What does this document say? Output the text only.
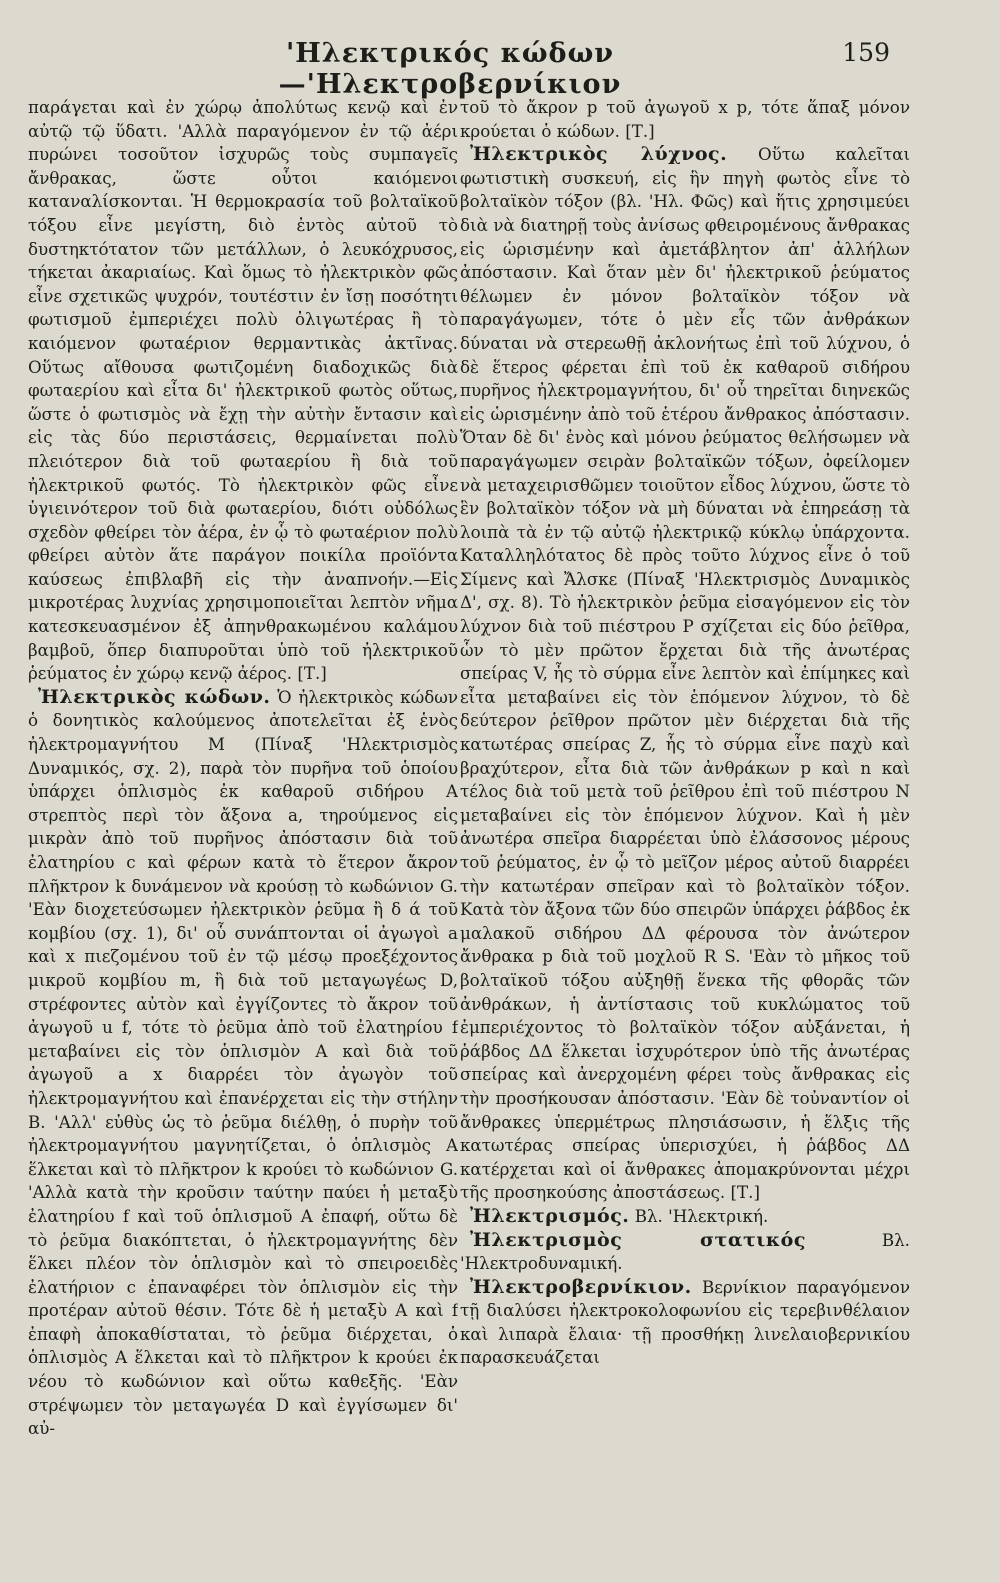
'Ηλεκτρικός κώδων—'Ηλεκτροβερνίκιον
159

παράγεται καὶ ἐν χώρῳ ἀπολύτως κενῷ καὶ ἐν αὐτῷ τῷ ὕδατι. 'Αλλὰ παραγόμενον ἐν τῷ ἀέρι πυρώνει τοσοῦτον ἰσχυρῶς τοὺς συμπαγεῖς ἄνθρακας, ὥστε οὗτοι καιόμενοι καταναλίσκονται. Ἡ θερμοκρασία τοῦ βολταϊκοῦ τόξου εἶνε μεγίστη, διὸ ἐντὸς αὐτοῦ τὸ δυστηκτότατον τῶν μετάλλων, ὁ λευκόχρυσος, τήκεται ἀκαριαίως. Καὶ ὅμως τὸ ἠλεκτρικὸν φῶς εἶνε σχετικῶς ψυχρόν, τουτέστιν ἐν ἴσῃ ποσότητι φωτισμοῦ ἐμπεριέχει πολὺ ὀλιγωτέρας ἢ τὸ καιόμενον φωταέριον θερμαντικὰς ἀκτῖνας. Οὕτως αἴθουσα φωτιζομένη διαδοχικῶς διὰ φωταερίου καὶ εἶτα δι' ἠλεκτρικοῦ φωτὸς οὕτως, ὥστε ὁ φωτισμὸς νὰ ἔχῃ τὴν αὐτὴν ἔντασιν καὶ εἰς τὰς δύο περιστάσεις, θερμαίνεται πολὺ πλειότερον διὰ τοῦ φωταερίου ἢ διὰ τοῦ ἠλεκτρικοῦ φωτός. Τὸ ἠλεκτρικὸν φῶς εἶνε ὑγιεινότερον τοῦ διὰ φωταερίου, διότι οὐδόλως σχεδὸν φθείρει τὸν ἀέρα, ἐν ᾧ τὸ φωταέριον πολὺ φθείρει αὐτὸν ἅτε παράγον ποικίλα προϊόντα καύσεως ἐπιβλαβῆ εἰς τὴν ἀναπνοήν.—Εἰς μικροτέρας λυχνίας χρησιμοποιεῖται λεπτὸν νῆμα κατεσκευασμένον ἐξ ἀπηνθρακωμένου καλάμου βαμβοῦ, ὅπερ διαπυροῦται ὑπὸ τοῦ ἠλεκτρικοῦ ῥεύματος ἐν χώρῳ κενῷ ἀέρος. [Τ.]

Ἠλεκτρικὸς κώδων. Ὁ ἠλεκτρικὸς κώδων ὁ δονητικὸς καλούμενος ἀποτελεῖται ἐξ ἑνὸς ἠλεκτρομαγνήτου M (Πίναξ 'Ηλεκτρισμὸς Δυναμικός, σχ. 2), παρὰ τὸν πυρῆνα τοῦ ὁποίου ὑπάρχει ὁπλισμὸς ἐκ καθαροῦ σιδήρου A στρεπτὸς περὶ τὸν ἄξονα a, τηρούμενος εἰς μικρὰν ἀπὸ τοῦ πυρῆνος ἀπόστασιν διὰ τοῦ ἐλατηρίου c καὶ φέρων κατὰ τὸ ἕτερον ἄκρον πλῆκτρον k δυνάμενον νὰ κρούσῃ τὸ κωδώνιον G. 'Εὰν διοχετεύσωμεν ἠλεκτρικὸν ῥεῦμα ἢ δ ά τοῦ κομβίου (σχ. 1), δι' οὗ συνάπτονται οἱ ἀγωγοὶ a καὶ x πιεζομένου τοῦ ἐν τῷ μέσῳ προεξέχοντος μικροῦ κομβίου m, ἢ διὰ τοῦ μεταγωγέως D, στρέφοντες αὐτὸν καὶ ἐγγίζοντες τὸ ἄκρον τοῦ ἀγωγοῦ u f, τότε τὸ ῥεῦμα ἀπὸ τοῦ ἐλατηρίου f μεταβαίνει εἰς τὸν ὁπλισμὸν A καὶ διὰ τοῦ ἀγωγοῦ a x διαρρέει τὸν ἀγωγὸν τοῦ ἠλεκτρομαγνήτου καὶ ἐπανέρχεται εἰς τὴν στήλην B. 'Αλλ' εὐθὺς ὡς τὸ ῥεῦμα διέλθῃ, ὁ πυρὴν τοῦ ἠλεκτρομαγνήτου μαγνητίζεται, ὁ ὁπλισμὸς A ἕλκεται καὶ τὸ πλῆκτρον k κρούει τὸ κωδώνιον G. 'Αλλὰ κατὰ τὴν κροῦσιν ταύτην παύει ἡ μεταξὺ ἐλατηρίου f καὶ τοῦ ὁπλισμοῦ A ἐπαφή, οὕτω δὲ τὸ ῥεῦμα διακόπτεται, ὁ ἠλεκτρομαγνήτης δὲν ἕλκει πλέον τὸν ὁπλισμὸν καὶ τὸ σπειροειδὲς ἐλατήριον c ἐπαναφέρει τὸν ὁπλισμὸν εἰς τὴν προτέραν αὐτοῦ θέσιν. Τότε δὲ ἡ μεταξὺ A καὶ f ἐπαφὴ ἀποκαθίσταται, τὸ ῥεῦμα διέρχεται, ὁ ὁπλισμὸς A ἕλκεται καὶ τὸ πλῆκτρον k κρούει ἐκ νέου τὸ κωδώνιον καὶ οὕτω καθεξῆς. 'Εὰν στρέψωμεν τὸν μεταγωγέα D καὶ ἐγγίσωμεν δι' αὐ-

τοῦ τὸ ἄκρον p τοῦ ἀγωγοῦ x p, τότε ἅπαξ μόνον κρούεται ὁ κώδων. [Τ.]

Ἠλεκτρικὸς λύχνος. Οὕτω καλεῖται φωτιστικὴ συσκευή, εἰς ἣν πηγὴ φωτὸς εἶνε τὸ βολταϊκὸν τόξον (βλ. 'Ηλ. Φῶς) καὶ ἥτις χρησιμεύει διὰ νὰ διατηρῇ τοὺς ἀνίσως φθειρομένους ἄνθρακας εἰς ὡρισμένην καὶ ἀμετάβλητον ἀπ' ἀλλήλων ἀπόστασιν. Καὶ ὅταν μὲν δι' ἠλεκτρικοῦ ῥεύματος θέλωμεν ἐν μόνον βολταϊκὸν τόξον νὰ παραγάγωμεν, τότε ὁ μὲν εἷς τῶν ἀνθράκων δύναται νὰ στερεωθῇ ἀκλονήτως ἐπὶ τοῦ λύχνου, ὁ δὲ ἕτερος φέρεται ἐπὶ τοῦ ἐκ καθαροῦ σιδήρου πυρῆνος ἠλεκτρομαγνήτου, δι' οὗ τηρεῖται διηνεκῶς εἰς ὡρισμένην ἀπὸ τοῦ ἑτέρου ἄνθρακος ἀπόστασιν. Ὅταν δὲ δι' ἑνὸς καὶ μόνου ῥεύματος θελήσωμεν νὰ παραγάγωμεν σειρὰν βολταϊκῶν τόξων, ὀφείλομεν νὰ μεταχειρισθῶμεν τοιοῦτον εἶδος λύχνου, ὥστε τὸ ἓν βολταϊκὸν τόξον νὰ μὴ δύναται νὰ ἐπηρεάσῃ τὰ λοιπὰ τὰ ἐν τῷ αὐτῷ ἠλεκτρικῷ κύκλῳ ὑπάρχοντα. Καταλληλότατος δὲ πρὸς τοῦτο λύχνος εἶνε ὁ τοῦ Σίμενς καὶ Ἄλσκε (Πίναξ 'Ηλεκτρισμὸς Δυναμικὸς Δ', σχ. 8). Τὸ ἠλεκτρικὸν ῥεῦμα εἰσαγόμενον εἰς τὸν λύχνον διὰ τοῦ πιέστρου P σχίζεται εἰς δύο ῥεῖθρα, ὧν τὸ μὲν πρῶτον ἔρχεται διὰ τῆς ἀνωτέρας σπείρας V, ἧς τὸ σύρμα εἶνε λεπτὸν καὶ ἐπίμηκες καὶ εἶτα μεταβαίνει εἰς τὸν ἑπόμενον λύχνον, τὸ δὲ δεύτερον ῥεῖθρον πρῶτον μὲν διέρχεται διὰ τῆς κατωτέρας σπείρας Z, ἧς τὸ σύρμα εἶνε παχὺ καὶ βραχύτερον, εἶτα διὰ τῶν ἀνθράκων p καὶ n καὶ τέλος διὰ τοῦ μετὰ τοῦ ῥεῖθρου ἐπὶ τοῦ πιέστρου N μεταβαίνει εἰς τὸν ἑπόμενον λύχνον. Καὶ ἡ μὲν ἀνωτέρα σπεῖρα διαρρέεται ὑπὸ ἐλάσσονος μέρους τοῦ ῥεύματος, ἐν ᾧ τὸ μεῖζον μέρος αὐτοῦ διαρρέει τὴν κατωτέραν σπεῖραν καὶ τὸ βολταϊκὸν τόξον. Κατὰ τὸν ἄξονα τῶν δύο σπειρῶν ὑπάρχει ῥάβδος ἐκ μαλακοῦ σιδήρου ΔΔ φέρουσα τὸν ἀνώτερον ἄνθρακα p διὰ τοῦ μοχλοῦ R S. 'Εὰν τὸ μῆκος τοῦ βολταϊκοῦ τόξου αὐξηθῇ ἕνεκα τῆς φθορᾶς τῶν ἀνθράκων, ἡ ἀντίστασις τοῦ κυκλώματος τοῦ ἐμπεριέχοντος τὸ βολταϊκὸν τόξον αὐξάνεται, ἡ ῥάβδος ΔΔ ἕλκεται ἰσχυρότερον ὑπὸ τῆς ἀνωτέρας σπείρας καὶ ἀνερχομένη φέρει τοὺς ἄνθρακας εἰς τὴν προσήκουσαν ἀπόστασιν. 'Εὰν δὲ τοὐναντίον οἱ ἄνθρακες ὑπερμέτρως πλησιάσωσιν, ἡ ἕλξις τῆς κατωτέρας σπείρας ὑπερισχύει, ἡ ῥάβδος ΔΔ κατέρχεται καὶ οἱ ἄνθρακες ἀπομακρύνονται μέχρι τῆς προσηκούσης ἀποστάσεως. [Τ.]

Ἠλεκτρισμός. Βλ. 'Ηλεκτρική.

Ἠλεκτρισμὸς στατικός	Βλ. 'Ηλεκτροδυναμική.

Ἠλεκτροβερνίκιον. Βερνίκιον παραγόμενον τῇ διαλύσει ἠλεκτροκολοφωνίου εἰς τερεβινθέλαιον καὶ λιπαρὰ ἔλαια· τῇ προσθήκῃ λινελαιοβερνικίου παρασκευάζεται
